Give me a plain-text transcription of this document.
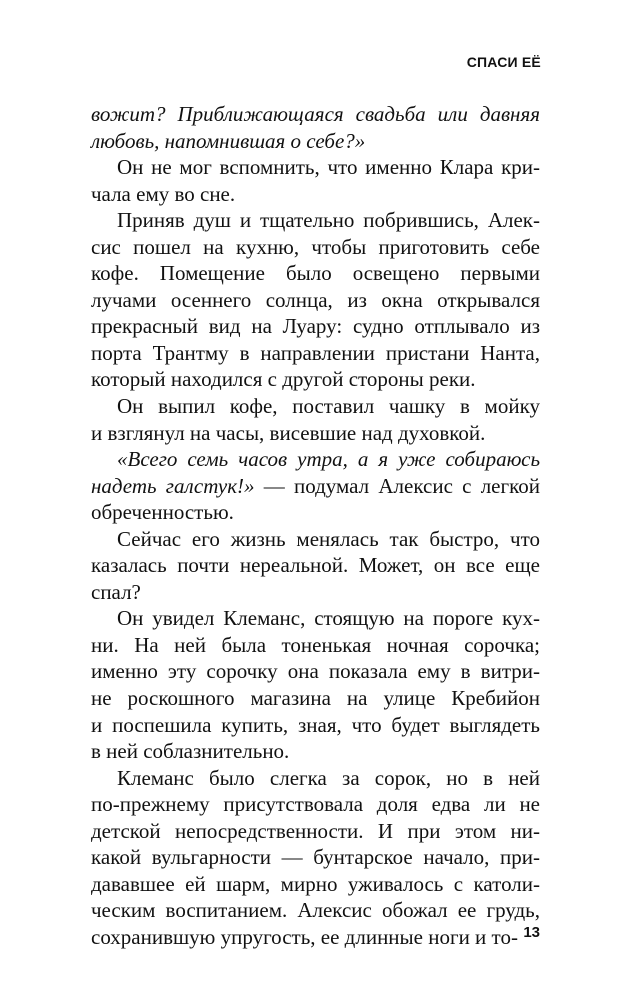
СПАСИ ЕЁ
вожит? Приближающаяся свадьба или давняя
любовь, напомнившая о себе?»
Он не мог вспомнить, что именно Клара кри-
чала ему во сне.
Приняв душ и тщательно побрившись, Алек-
сис пошел на кухню, чтобы приготовить себе
кофе. Помещение было освещено первыми
лучами осеннего солнца, из окна открывался
прекрасный вид на Луару: судно отплывало из
порта Трантму в направлении пристани Нанта,
который находился с другой стороны реки.
Он выпил кофе, поставил чашку в мойку
и взглянул на часы, висевшие над духовкой.
«Всего семь часов утра, а я уже собираюсь
надеть галстук!» — подумал Алексис с легкой
обреченностью.
Сейчас его жизнь менялась так быстро, что
казалась почти нереальной. Может, он все еще
спал?
Он увидел Клеманс, стоящую на пороге кух-
ни. На ней была тоненькая ночная сорочка;
именно эту сорочку она показала ему в витри-
не роскошного магазина на улице Кребийон
и поспешила купить, зная, что будет выглядеть
в ней соблазнительно.
Клеманс было слегка за сорок, но в ней
по-прежнему присутствовала доля едва ли не
детской непосредственности. И при этом ни-
какой вульгарности — бунтарское начало, при-
дававшее ей шарм, мирно уживалось с католи-
ческим воспитанием. Алексис обожал ее грудь,
сохранившую упругость, ее длинные ноги и то- 13
